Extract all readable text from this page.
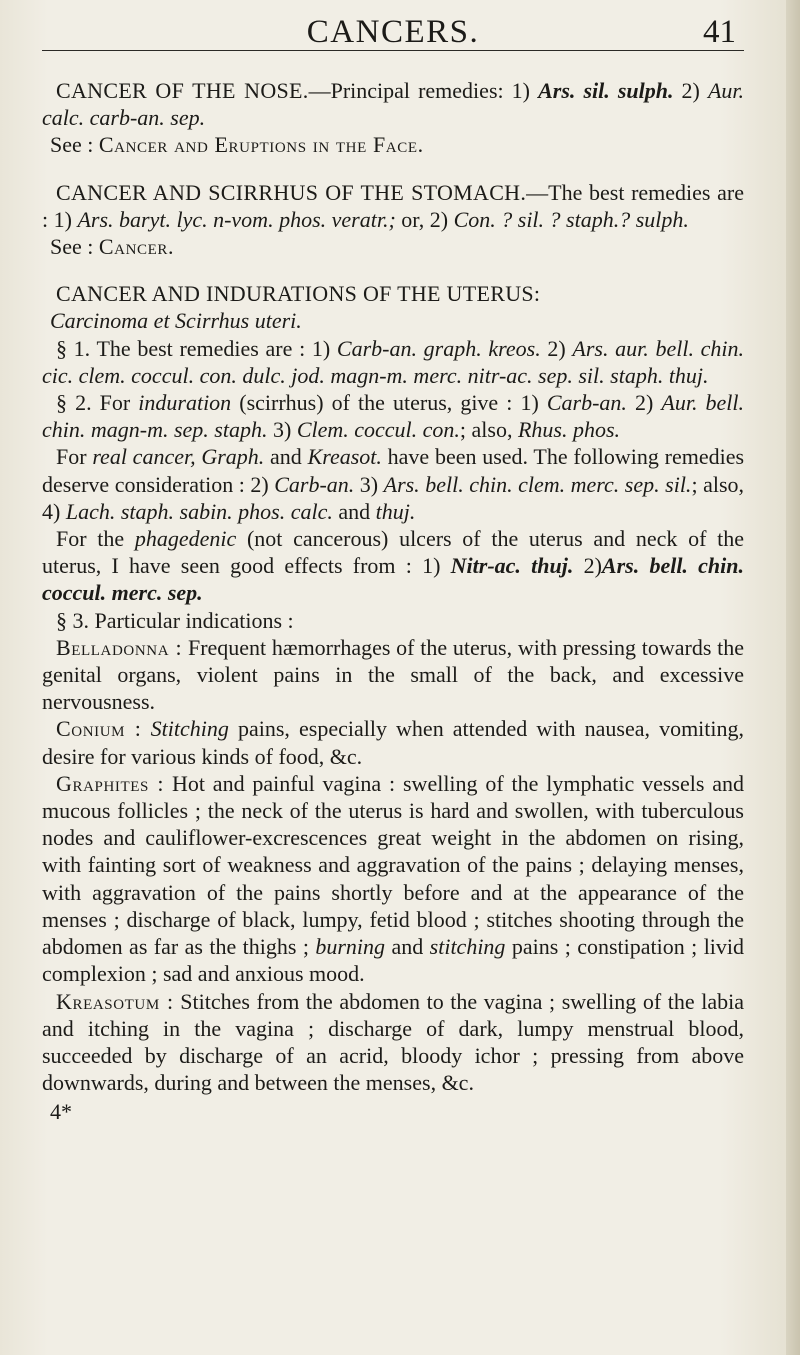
CANCERS.	41

CANCER OF THE NOSE.—Principal remedies: 1) Ars. sil. sulph. 2) Aur. calc. carb-an. sep.

See : Cancer and Eruptions in the Face.

CANCER AND SCIRRHUS OF THE STOMACH.—The best remedies are : 1) Ars. baryt. lyc. n-vom. phos. veratr.; or, 2) Con. ? sil. ? staph.? sulph.

See : Cancer.

CANCER AND INDURATIONS OF THE UTERUS:

Carcinoma et Scirrhus uteri.

§ 1. The best remedies are : 1) Carb-an. graph. kreos. 2) Ars. aur. bell. chin. cic. clem. coccul. con. dulc. jod. magn-m. merc. nitr-ac. sep. sil. staph. thuj.

§ 2. For induration (scirrhus) of the uterus, give : 1) Carb-an. 2) Aur. bell. chin. magn-m. sep. staph. 3) Clem. coccul. con.; also, Rhus. phos.

For real cancer, Graph. and Kreasot. have been used. The following remedies deserve consideration : 2) Carb-an. 3) Ars. bell. chin. clem. merc. sep. sil.; also, 4) Lach. staph. sabin. phos. calc. and thuj.

For the phagedenic (not cancerous) ulcers of the uterus and neck of the uterus, I have seen good effects from : 1) Nitr-ac. thuj. 2)Ars. bell. chin. coccul. merc. sep.

§ 3. Particular indications :

Belladonna : Frequent hæmorrhages of the uterus, with pressing towards the genital organs, violent pains in the small of the back, and excessive nervousness.

Conium : Stitching pains, especially when attended with nausea, vomiting, desire for various kinds of food, &c.

Graphites : Hot and painful vagina : swelling of the lymphatic vessels and mucous follicles ; the neck of the uterus is hard and swollen, with tuberculous nodes and cauliflower-excrescences great weight in the abdomen on rising, with fainting sort of weakness and aggravation of the pains ; delaying menses, with aggravation of the pains shortly before and at the appearance of the menses ; discharge of black, lumpy, fetid blood ; stitches shooting through the abdomen as far as the thighs ; burning and stitching pains ; constipation ; livid complexion ; sad and anxious mood.

Kreasotum : Stitches from the abdomen to the vagina ; swelling of the labia and itching in the vagina ; discharge of dark, lumpy menstrual blood, succeeded by discharge of an acrid, bloody ichor ; pressing from above downwards, during and between the menses, &c.

4*
